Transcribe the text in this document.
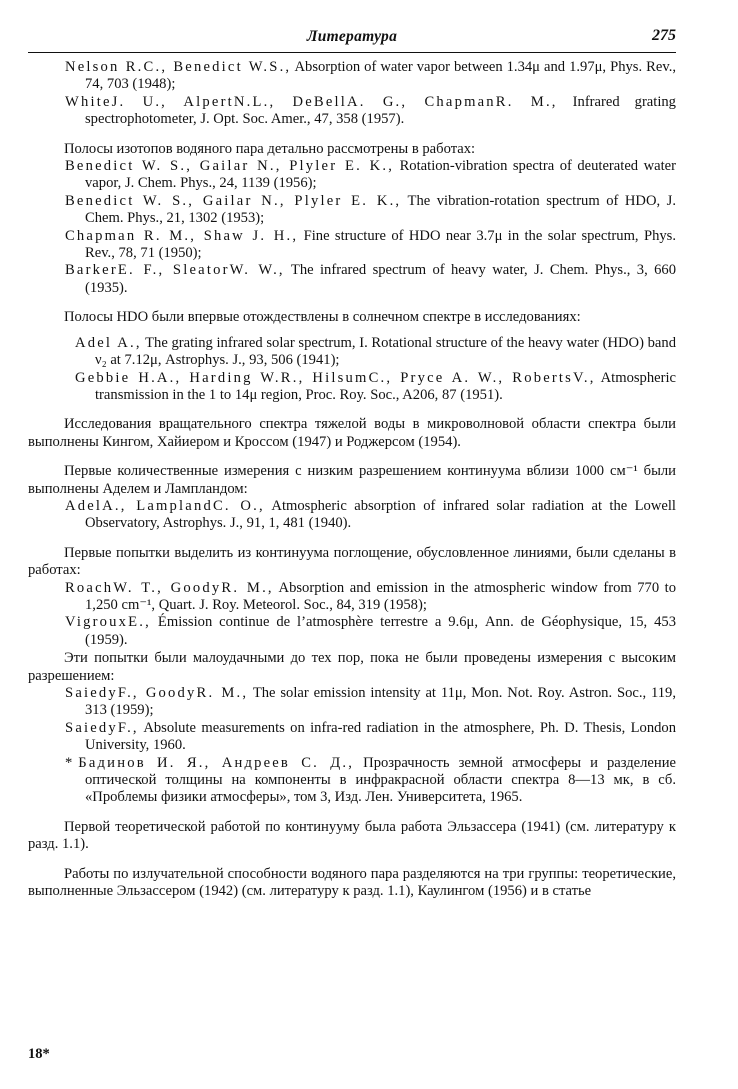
Литература	275
Nelson R.C., Benedict W.S., Absorption of water vapor between 1.34μ and 1.97μ, Phys. Rev., 74, 703 (1948);
WhiteJ. U., AlpertN.L., DeBellA. G., ChapmanR. M., Infrared grating spectrophotometer, J. Opt. Soc. Amer., 47, 358 (1957).

Полосы изотопов водяного пара детально рассмотрены в работах:

Benedict W. S., Gailar N., Plyler E. K., Rotation-vibration spectra of deuterated water vapor, J. Chem. Phys., 24, 1139 (1956);
Benedict W. S., Gailar N., Plyler E. K., The vibration-rotation spectrum of HDO, J. Chem. Phys., 21, 1302 (1953);
Chapman R. M., Shaw J. H., Fine structure of HDO near 3.7μ in the solar spectrum, Phys. Rev., 78, 71 (1950);
BarkerE. F., SleatorW. W., The infrared spectrum of heavy water, J. Chem. Phys., 3, 660 (1935).

Полосы HDO были впервые отождествлены в солнечном спектре в исследованиях:

Adel A., The grating infrared solar spectrum, I. Rotational structure of the heavy water (HDO) band ν₂ at 7.12μ, Astrophys. J., 93, 506 (1941);
Gebbie H.A., Harding W.R., HilsumC., Pryce A. W., RobertsV., Atmospheric transmission in the 1 to 14μ region, Proc. Roy. Soc., A206, 87 (1951).

Исследования вращательного спектра тяжелой воды в микроволновой области спектра были выполнены Кингом, Хайиером и Кроссом (1947) и Роджерсом (1954).

Первые количественные измерения с низким разрешением континуума вблизи 1000 см⁻¹ были выполнены Аделем и Лампландом:

AdelA., LamplandC. O., Atmospheric absorption of infrared solar radiation at the Lowell Observatory, Astrophys. J., 91, 1, 481 (1940).

Первые попытки выделить из континуума поглощение, обусловленное линиями, были сделаны в работах:

RoachW. T., GoodyR. M., Absorption and emission in the atmospheric window from 770 to 1,250 cm⁻¹, Quart. J. Roy. Meteorol. Soc., 84, 319 (1958);
VigrouxE., Émission continue de l’atmosphère terrestre a 9.6μ, Ann. de Géophysique, 15, 453 (1959).

Эти попытки были малоудачными до тех пор, пока не были проведены измерения с высоким разрешением:

SaiedyF., GoodyR. M., The solar emission intensity at 11μ, Mon. Not. Roy. Astron. Soc., 119, 313 (1959);
SaiedyF., Absolute measurements on infra-red radiation in the atmosphere, Ph. D. Thesis, London University, 1960.
* Бадинов И. Я., Андреев С. Д., Прозрачность земной атмосферы и разделение оптической толщины на компоненты в инфракрасной области спектра 8—13 мк, в сб. «Проблемы физики атмосферы», том 3, Изд. Лен. Университета, 1965.

Первой теоретической работой по континууму была работа Эльзассера (1941) (см. литературу к разд. 1.1).

Работы по излучательной способности водяного пара разделяются на три группы: теоретические, выполненные Эльзассером (1942) (см. литературу к разд. 1.1), Каулингом (1956) и в статье

18*
